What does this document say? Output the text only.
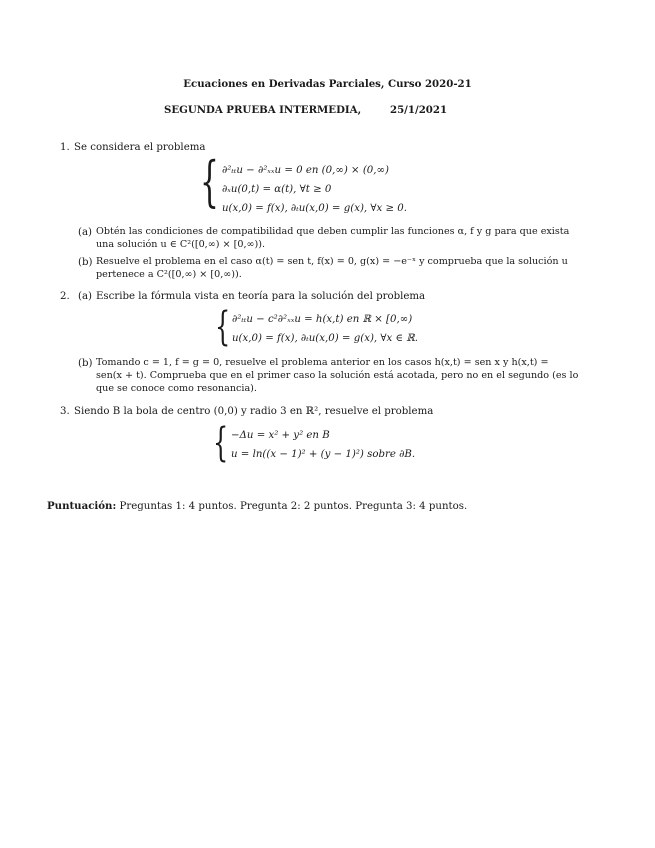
Ecuaciones en Derivadas Parciales, Curso 2020-21
SEGUNDA PRUEBA INTERMEDIA,	25/1/2021
1. Se considera el problema
{ ∂²ₜₜu − ∂²ₓₓu = 0 en (0,∞) × (0,∞)
∂ₓu(0,t) = α(t), ∀t ≥ 0
u(x,0) = f(x), ∂ₜu(x,0) = g(x), ∀x ≥ 0.
(a) Obtén las condiciones de compatibilidad que deben cumplir las funciones α, f y g para que exista
una solución u ∈ C²([0,∞) × [0,∞)).
(b) Resuelve el problema en el caso α(t) = sen t, f(x) = 0, g(x) = −e⁻ˣ y comprueba que la solución u
pertenece a C²([0,∞) × [0,∞)).
2. (a) Escribe la fórmula vista en teoría para la solución del problema
{ ∂²ₜₜu − c²∂²ₓₓu = h(x,t) en ℝ × [0,∞)
u(x,0) = f(x), ∂ₜu(x,0) = g(x), ∀x ∈ ℝ.
(b) Tomando c = 1, f = g = 0, resuelve el problema anterior en los casos h(x,t) = sen x y h(x,t) =
sen(x + t). Comprueba que en el primer caso la solución está acotada, pero no en el segundo (es lo
que se conoce como resonancia).
3. Siendo B la bola de centro (0,0) y radio 3 en ℝ², resuelve el problema
{ −Δu = x² + y² en B
u = ln((x − 1)² + (y − 1)²) sobre ∂B.
Puntuación: Preguntas 1: 4 puntos. Pregunta 2: 2 puntos. Pregunta 3: 4 puntos.
